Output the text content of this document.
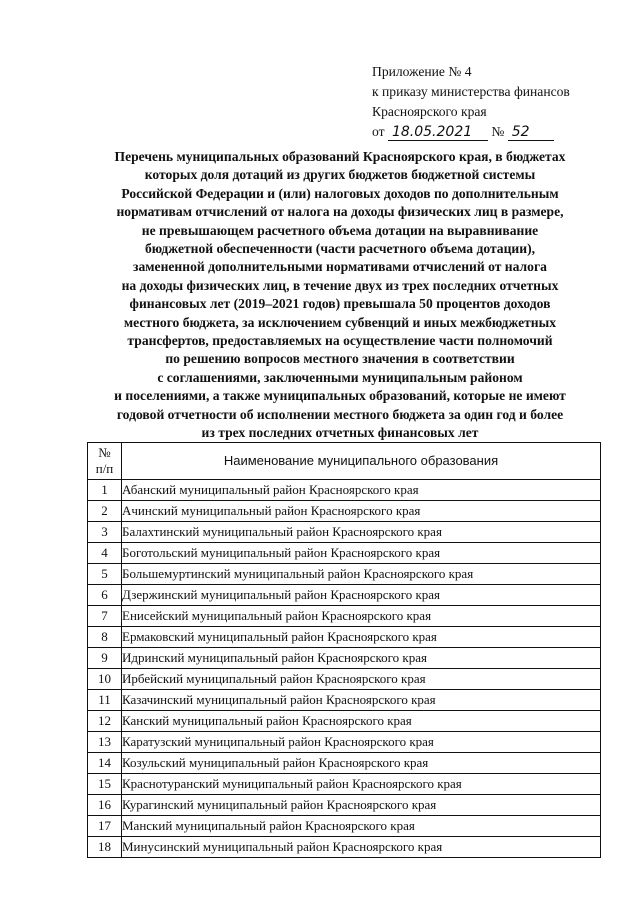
Приложение № 4
к приказу министерства финансов
Красноярского края
от 18.05.2021 № 52
Перечень муниципальных образований Красноярского края, в бюджетах
которых доля дотаций из других бюджетов бюджетной системы
Российской Федерации и (или) налоговых доходов по дополнительным
нормативам отчислений от налога на доходы физических лиц в размере,
не превышающем расчетного объема дотации на выравнивание
бюджетной обеспеченности (части расчетного объема дотации),
замененной дополнительными нормативами отчислений от налога
на доходы физических лиц, в течение двух из трех последних отчетных
финансовых лет (2019–2021 годов) превышала 50 процентов доходов
местного бюджета, за исключением субвенций и иных межбюджетных
трансфертов, предоставляемых на осуществление части полномочий
по решению вопросов местного значения в соответствии
с соглашениями, заключенными муниципальным районом
и поселениями, а также муниципальных образований, которые не имеют
годовой отчетности об исполнении местного бюджета за один год и более
из трех последних отчетных финансовых лет
№
п/п	Наименование муниципального образования
1	Абанский муниципальный район Красноярского края
2	Ачинский муниципальный район Красноярского края
3	Балахтинский муниципальный район Красноярского края
4	Боготольский муниципальный район Красноярского края
5	Большемуртинский муниципальный район Красноярского края
6	Дзержинский муниципальный район Красноярского края
7	Енисейский муниципальный район Красноярского края
8	Ермаковский муниципальный район Красноярского края
9	Идринский муниципальный район Красноярского края
10	Ирбейский муниципальный район Красноярского края
11	Казачинский муниципальный район Красноярского края
12	Канский муниципальный район Красноярского края
13	Каратузский муниципальный район Красноярского края
14	Козульский муниципальный район Красноярского края
15	Краснотуранский муниципальный район Красноярского края
16	Курагинский муниципальный район Красноярского края
17	Манский муниципальный район Красноярского края
18	Минусинский муниципальный район Красноярского края
